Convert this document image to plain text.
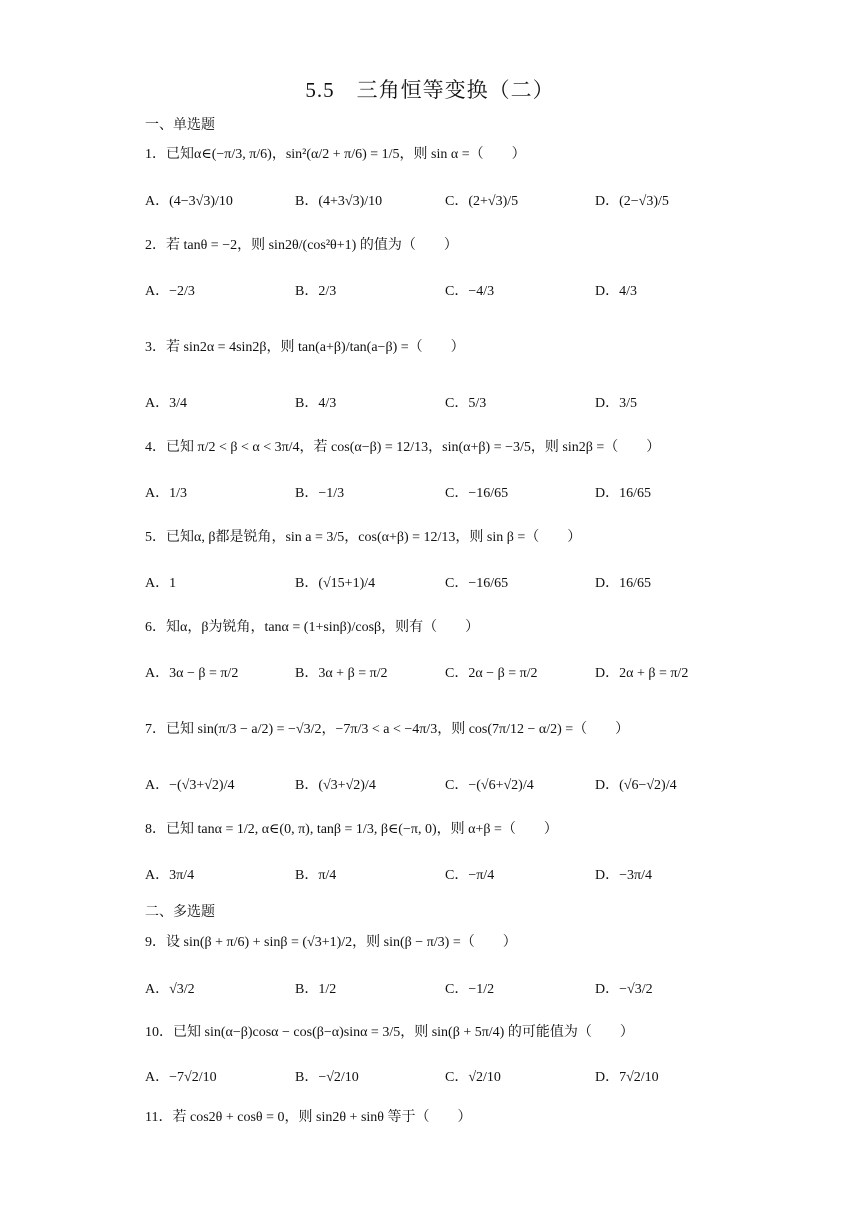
5.5　三角恒等变换（二）
一、单选题
1．已知α∈(−π/3, π/6)，sin²(α/2 + π/6) = 1/5，则 sin α =（　　）
A．(4−3√3)/10	B．(4+3√3)/10	C．(2+√3)/5	D．(2−√3)/5
2．若 tanθ = −2，则 sin2θ/(cos²θ+1) 的值为（　　）
A．−2/3	B．2/3	C．−4/3	D．4/3
3．若 sin2α = 4sin2β，则 tan(a+β)/tan(a−β) =（　　）
A．3/4	B．4/3	C．5/3	D．3/5
4．已知 π/2 < β < α < 3π/4，若 cos(α−β) = 12/13，sin(α+β) = −3/5，则 sin2β =（　　）
A．1/3	B．−1/3	C．−16/65	D．16/65
5．已知α, β都是锐角，sin a = 3/5，cos(α+β) = 12/13，则 sin β =（　　）
A．1	B．(√15+1)/4	C．−16/65	D．16/65
6．知α，β为锐角，tanα = (1+sinβ)/cosβ，则有（　　）
A．3α − β = π/2	B．3α + β = π/2	C．2α − β = π/2	D．2α + β = π/2
7．已知 sin(π/3 − a/2) = −√3/2，−7π/3 < a < −4π/3，则 cos(7π/12 − α/2) =（　　）
A．−(√3+√2)/4	B．(√3+√2)/4	C．−(√6+√2)/4	D．(√6−√2)/4
8．已知 tanα = 1/2, α∈(0, π), tanβ = 1/3, β∈(−π, 0)，则 α+β =（　　）
A．3π/4	B．π/4	C．−π/4	D．−3π/4
二、多选题
9．设 sin(β + π/6) + sinβ = (√3+1)/2，则 sin(β − π/3) =（　　）
A．√3/2	B．1/2	C．−1/2	D．−√3/2
10．已知 sin(α−β)cosα − cos(β−α)sinα = 3/5，则 sin(β + 5π/4) 的可能值为（　　）
A．−7√2/10	B．−√2/10	C．√2/10	D．7√2/10
11．若 cos2θ + cosθ = 0，则 sin2θ + sinθ 等于（　　）
